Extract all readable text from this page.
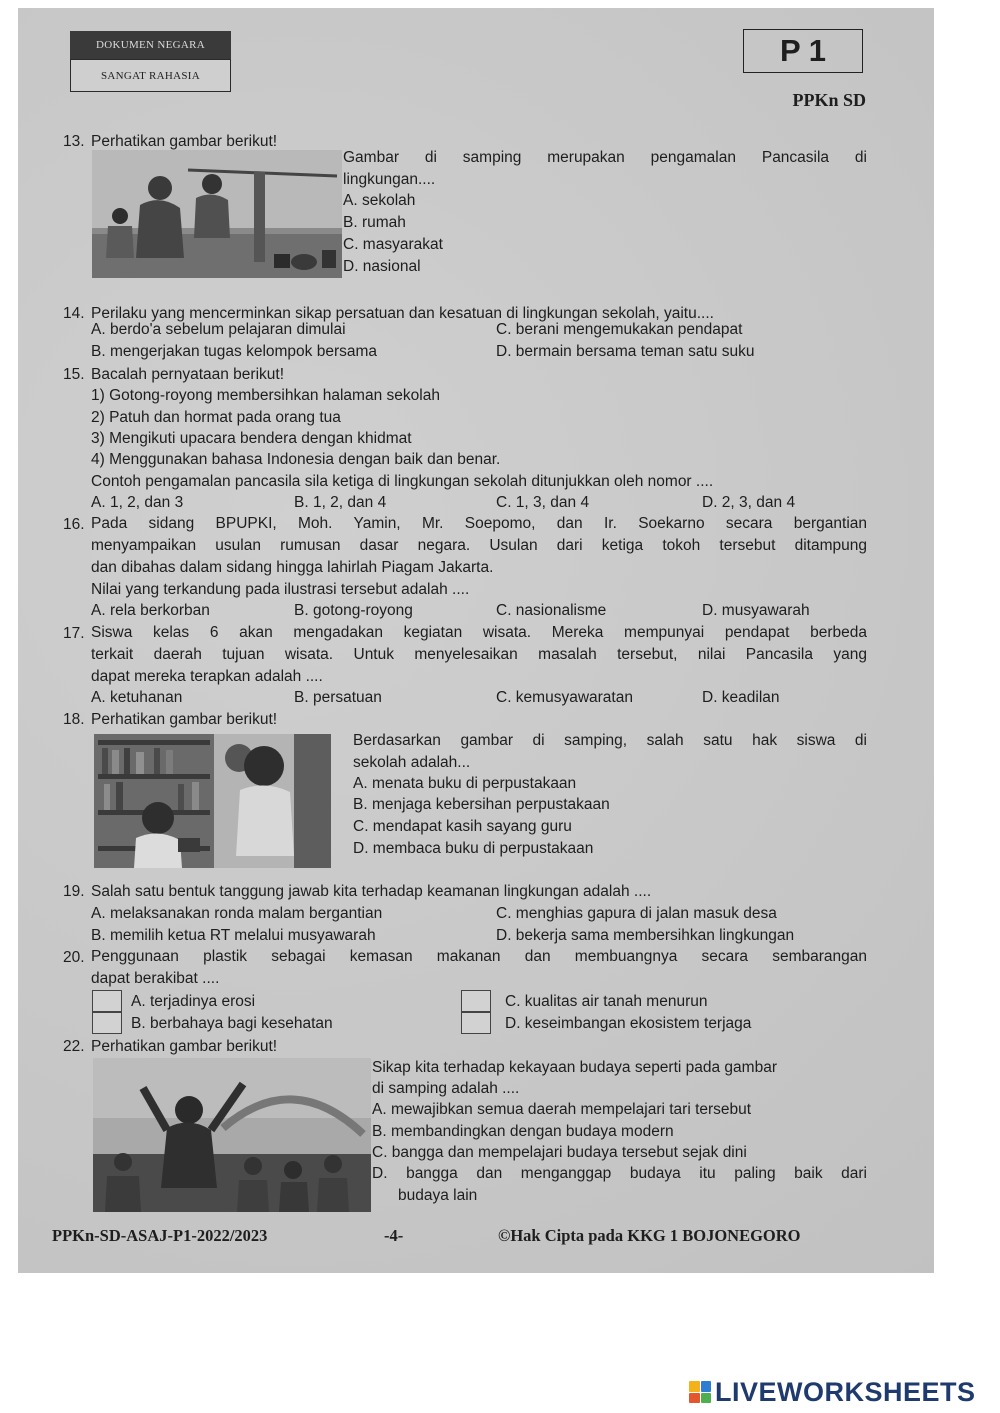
DOKUMEN NEGARA
SANGAT RAHASIA
P 1
PPKn SD
13. Perhatikan gambar berikut!
Gambar di samping merupakan pengamalan Pancasila di
lingkungan....
A. sekolah
B. rumah
C. masyarakat
D. nasional
14. Perilaku yang mencerminkan sikap persatuan dan kesatuan di lingkungan sekolah, yaitu....
A. berdo'a sebelum pelajaran dimulai	C. berani mengemukakan pendapat
B. mengerjakan tugas kelompok bersama	D. bermain bersama teman satu suku
15. Bacalah pernyataan berikut!
1) Gotong-royong membersihkan halaman sekolah
2) Patuh dan hormat pada orang tua
3) Mengikuti upacara bendera dengan khidmat
4) Menggunakan bahasa Indonesia dengan baik dan benar.
Contoh pengamalan pancasila sila ketiga di lingkungan sekolah ditunjukkan oleh nomor ....
A. 1, 2, dan 3	B. 1, 2, dan 4	C. 1, 3, dan 4	D. 2, 3, dan 4
16. Pada sidang BPUPKI, Moh. Yamin, Mr. Soepomo, dan Ir. Soekarno secara bergantian
menyampaikan usulan rumusan dasar negara. Usulan dari ketiga tokoh tersebut ditampung
dan dibahas dalam sidang hingga lahirlah Piagam Jakarta.
Nilai yang terkandung pada ilustrasi tersebut adalah ....
A. rela berkorban	B. gotong-royong	C. nasionalisme	D. musyawarah
17. Siswa kelas 6 akan mengadakan kegiatan wisata. Mereka mempunyai pendapat berbeda
terkait daerah tujuan wisata. Untuk menyelesaikan masalah tersebut, nilai Pancasila yang
dapat mereka terapkan adalah ....
A. ketuhanan	B. persatuan	C. kemusyawaratan	D. keadilan
18. Perhatikan gambar berikut!
Berdasarkan gambar di samping, salah satu hak siswa di
sekolah adalah...
A. menata buku di perpustakaan
B. menjaga kebersihan perpustakaan
C. mendapat kasih sayang guru
D. membaca buku di perpustakaan
19. Salah satu bentuk tanggung jawab kita terhadap keamanan lingkungan adalah ....
A. melaksanakan ronda malam bergantian	C. menghias gapura di jalan masuk desa
B. memilih ketua RT melalui musyawarah	D. bekerja sama membersihkan lingkungan
20. Penggunaan plastik sebagai kemasan makanan dan membuangnya secara sembarangan
dapat berakibat ....
A. terjadinya erosi	C. kualitas air tanah menurun
B. berbahaya bagi kesehatan	D. keseimbangan ekosistem terjaga
22. Perhatikan gambar berikut!
Sikap kita terhadap kekayaan budaya seperti pada gambar
di samping adalah ....
A. mewajibkan semua daerah mempelajari tari tersebut
B. membandingkan dengan budaya modern
C. bangga dan mempelajari budaya tersebut sejak dini
D. bangga dan menganggap budaya itu paling baik dari
budaya lain
PPKn-SD-ASAJ-P1-2022/2023	-4-	©Hak Cipta pada KKG 1 BOJONEGORO
LIVEWORKSHEETS
